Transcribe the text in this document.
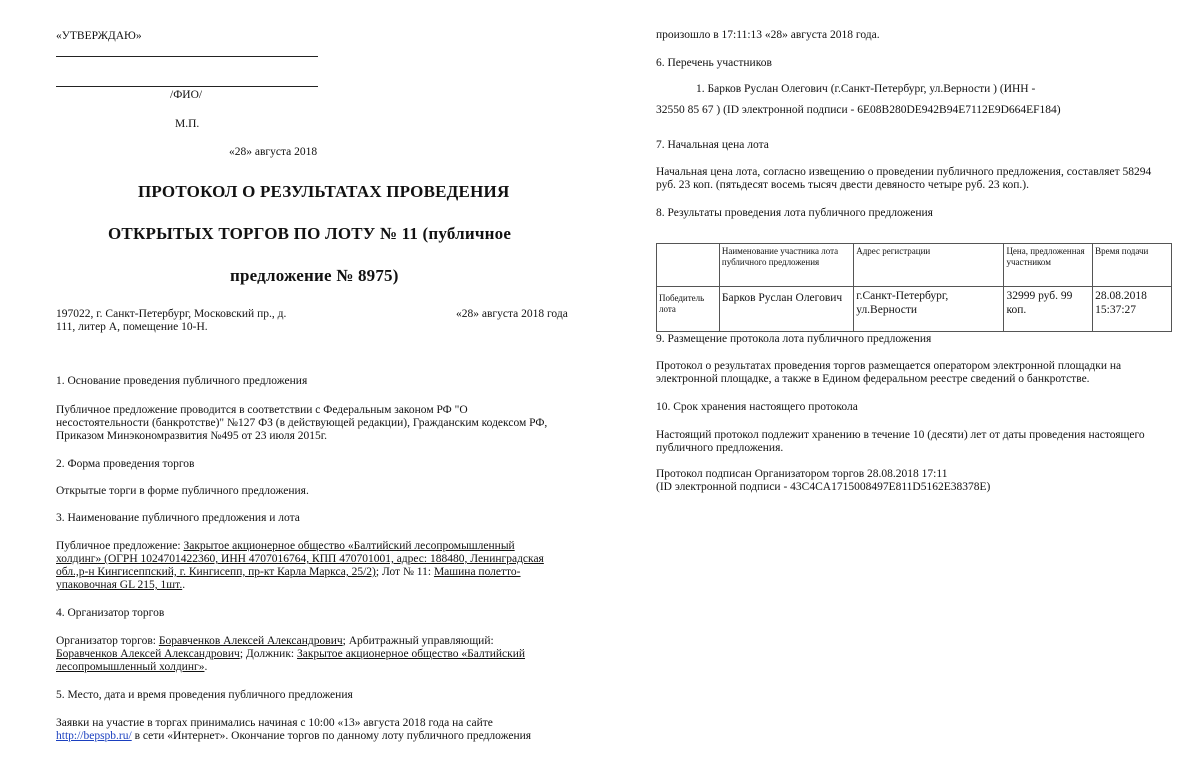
«УТВЕРЖДАЮ»
/ФИО/
М.П.
«28» августа 2018
ПРОТОКОЛ О РЕЗУЛЬТАТАХ ПРОВЕДЕНИЯ
ОТКРЫТЫХ ТОРГОВ ПО ЛОТУ № 11 (публичное
предложение № 8975)
197022, г. Санкт-Петербург, Московский пр., д.
111, литер А, помещение 10-Н.
«28» августа 2018 года
1. Основание проведения публичного предложения
Публичное предложение проводится в соответствии с Федеральным законом РФ "О
несостоятельности (банкротстве)" №127 ФЗ (в действующей редакции), Гражданским кодексом РФ,
Приказом Минэкономразвития №495 от 23 июля 2015г.
2. Форма проведения торгов
Открытые торги в форме публичного предложения.
3. Наименование публичного предложения и лота
Публичное предложение: Закрытое акционерное общество «Балтийский лесопромышленный
холдинг» (ОГРН 1024701422360, ИНН 4707016764, КПП 470701001, адрес: 188480, Ленинградская
обл.,р-н Кингисеппский, г. Кингисепп, пр-кт Карла Маркса, 25/2); Лот № 11: Машина полетто-
упаковочная GL 215, 1шт..
4. Организатор торгов
Организатор торгов: Боравченков Алексей Александрович; Арбитражный управляющий:
Боравченков Алексей Александрович; Должник: Закрытое акционерное общество «Балтийский
лесопромышленный холдинг».
5. Место, дата и время проведения публичного предложения
Заявки на участие в торгах принимались начиная с 10:00 «13» августа 2018 года на сайте
http://bepspb.ru/ в сети «Интернет». Окончание торгов по данному лоту публичного предложения
произошло в 17:11:13 «28» августа 2018 года.
6. Перечень участников
1. Барков Руслан Олегович (г.Санкт-Петербург, ул.Верности ) (ИНН -
32550 85 67 ) (ID электронной подписи - 6E08B280DE942B94E7112E9D664EF184)
7. Начальная цена лота
Начальная цена лота, согласно извещению о проведении публичного предложения, составляет 58294
руб. 23 коп. (пятьдесят восемь тысяч двести девяносто четыре руб. 23 коп.).
8. Результаты проведения лота публичного предложения
	Наименование участника лота публичного предложения	Адрес регистрации	Цена, предложенная участником	Время подачи
Победитель лота	Барков Руслан Олегович	г.Санкт-Петербург, ул.Верности	32999 руб. 99 коп.	28.08.2018 15:37:27
9. Размещение протокола лота публичного предложения
Протокол о результатах проведения торгов размещается оператором электронной площадки на
электронной площадке, а также в Едином федеральном реестре сведений о банкротстве.
10. Срок хранения настоящего протокола
Настоящий протокол подлежит хранению в течение 10 (десяти) лет от даты проведения настоящего
публичного предложения.
Протокол подписан Организатором торгов 28.08.2018 17:11
(ID электронной подписи - 43C4CA1715008497E811D5162E38378E)
